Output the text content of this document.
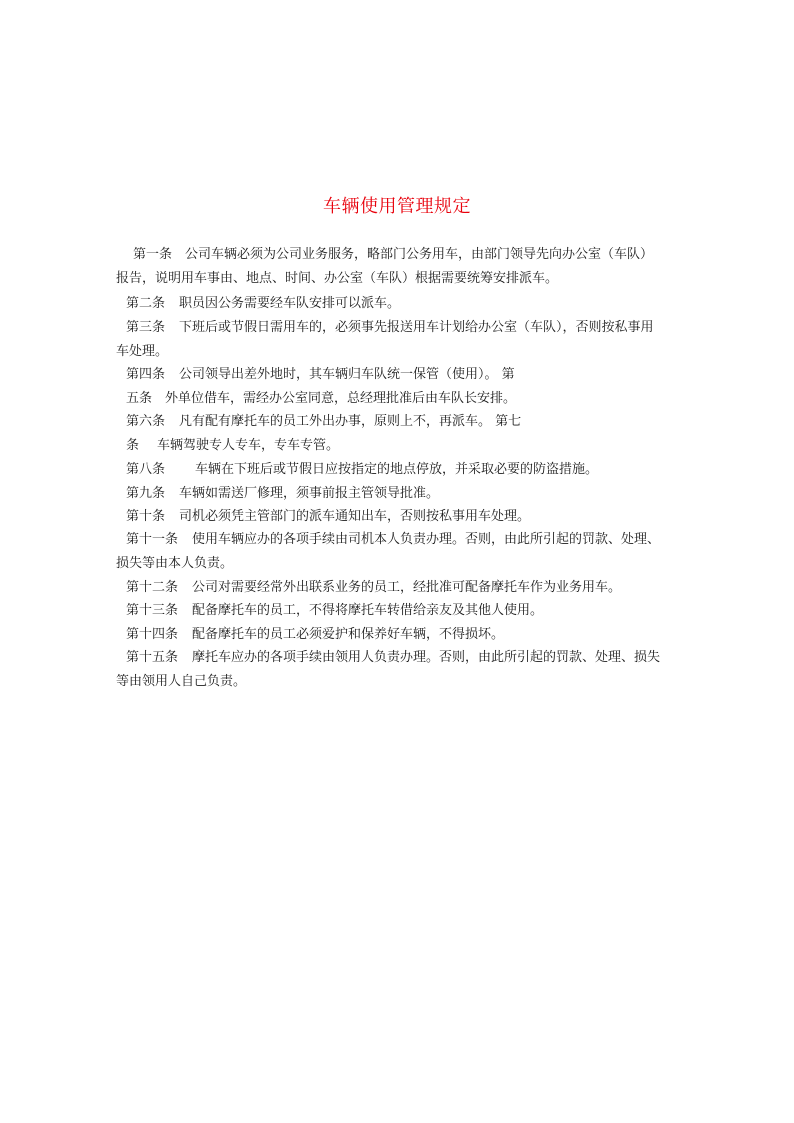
车辆使用管理规定
第一条 公司车辆必须为公司业务服务，略部门公务用车，由部门领导先向办公室（车队）
报告，说明用车事由、地点、时间、办公室（车队）根据需要统筹安排派车。
第二条 职员因公务需要经车队安排可以派车。
第三条 下班后或节假日需用车的，必须事先报送用车计划给办公室（车队），否则按私事用
车处理。
第四条 公司领导出差外地时，其车辆归车队统一保管（使用）。 第
五条 外单位借车，需经办公室同意，总经理批准后由车队长安排。
第六条 凡有配有摩托车的员工外出办事，原则上不，再派车。 第七
条 车辆驾驶专人专车，专车专管。
第八条 车辆在下班后或节假日应按指定的地点停放，并采取必要的防盗措施。
第九条 车辆如需送厂修理，须事前报主管领导批准。
第十条 司机必须凭主管部门的派车通知出车，否则按私事用车处理。
第十一条 使用车辆应办的各项手续由司机本人负责办理。否则，由此所引起的罚款、处理、
损失等由本人负责。
第十二条 公司对需要经常外出联系业务的员工，经批准可配备摩托车作为业务用车。
第十三条 配备摩托车的员工，不得将摩托车转借给亲友及其他人使用。
第十四条 配备摩托车的员工必须爱护和保养好车辆，不得损坏。
第十五条 摩托车应办的各项手续由领用人负责办理。否则，由此所引起的罚款、处理、损失
等由领用人自己负责。
